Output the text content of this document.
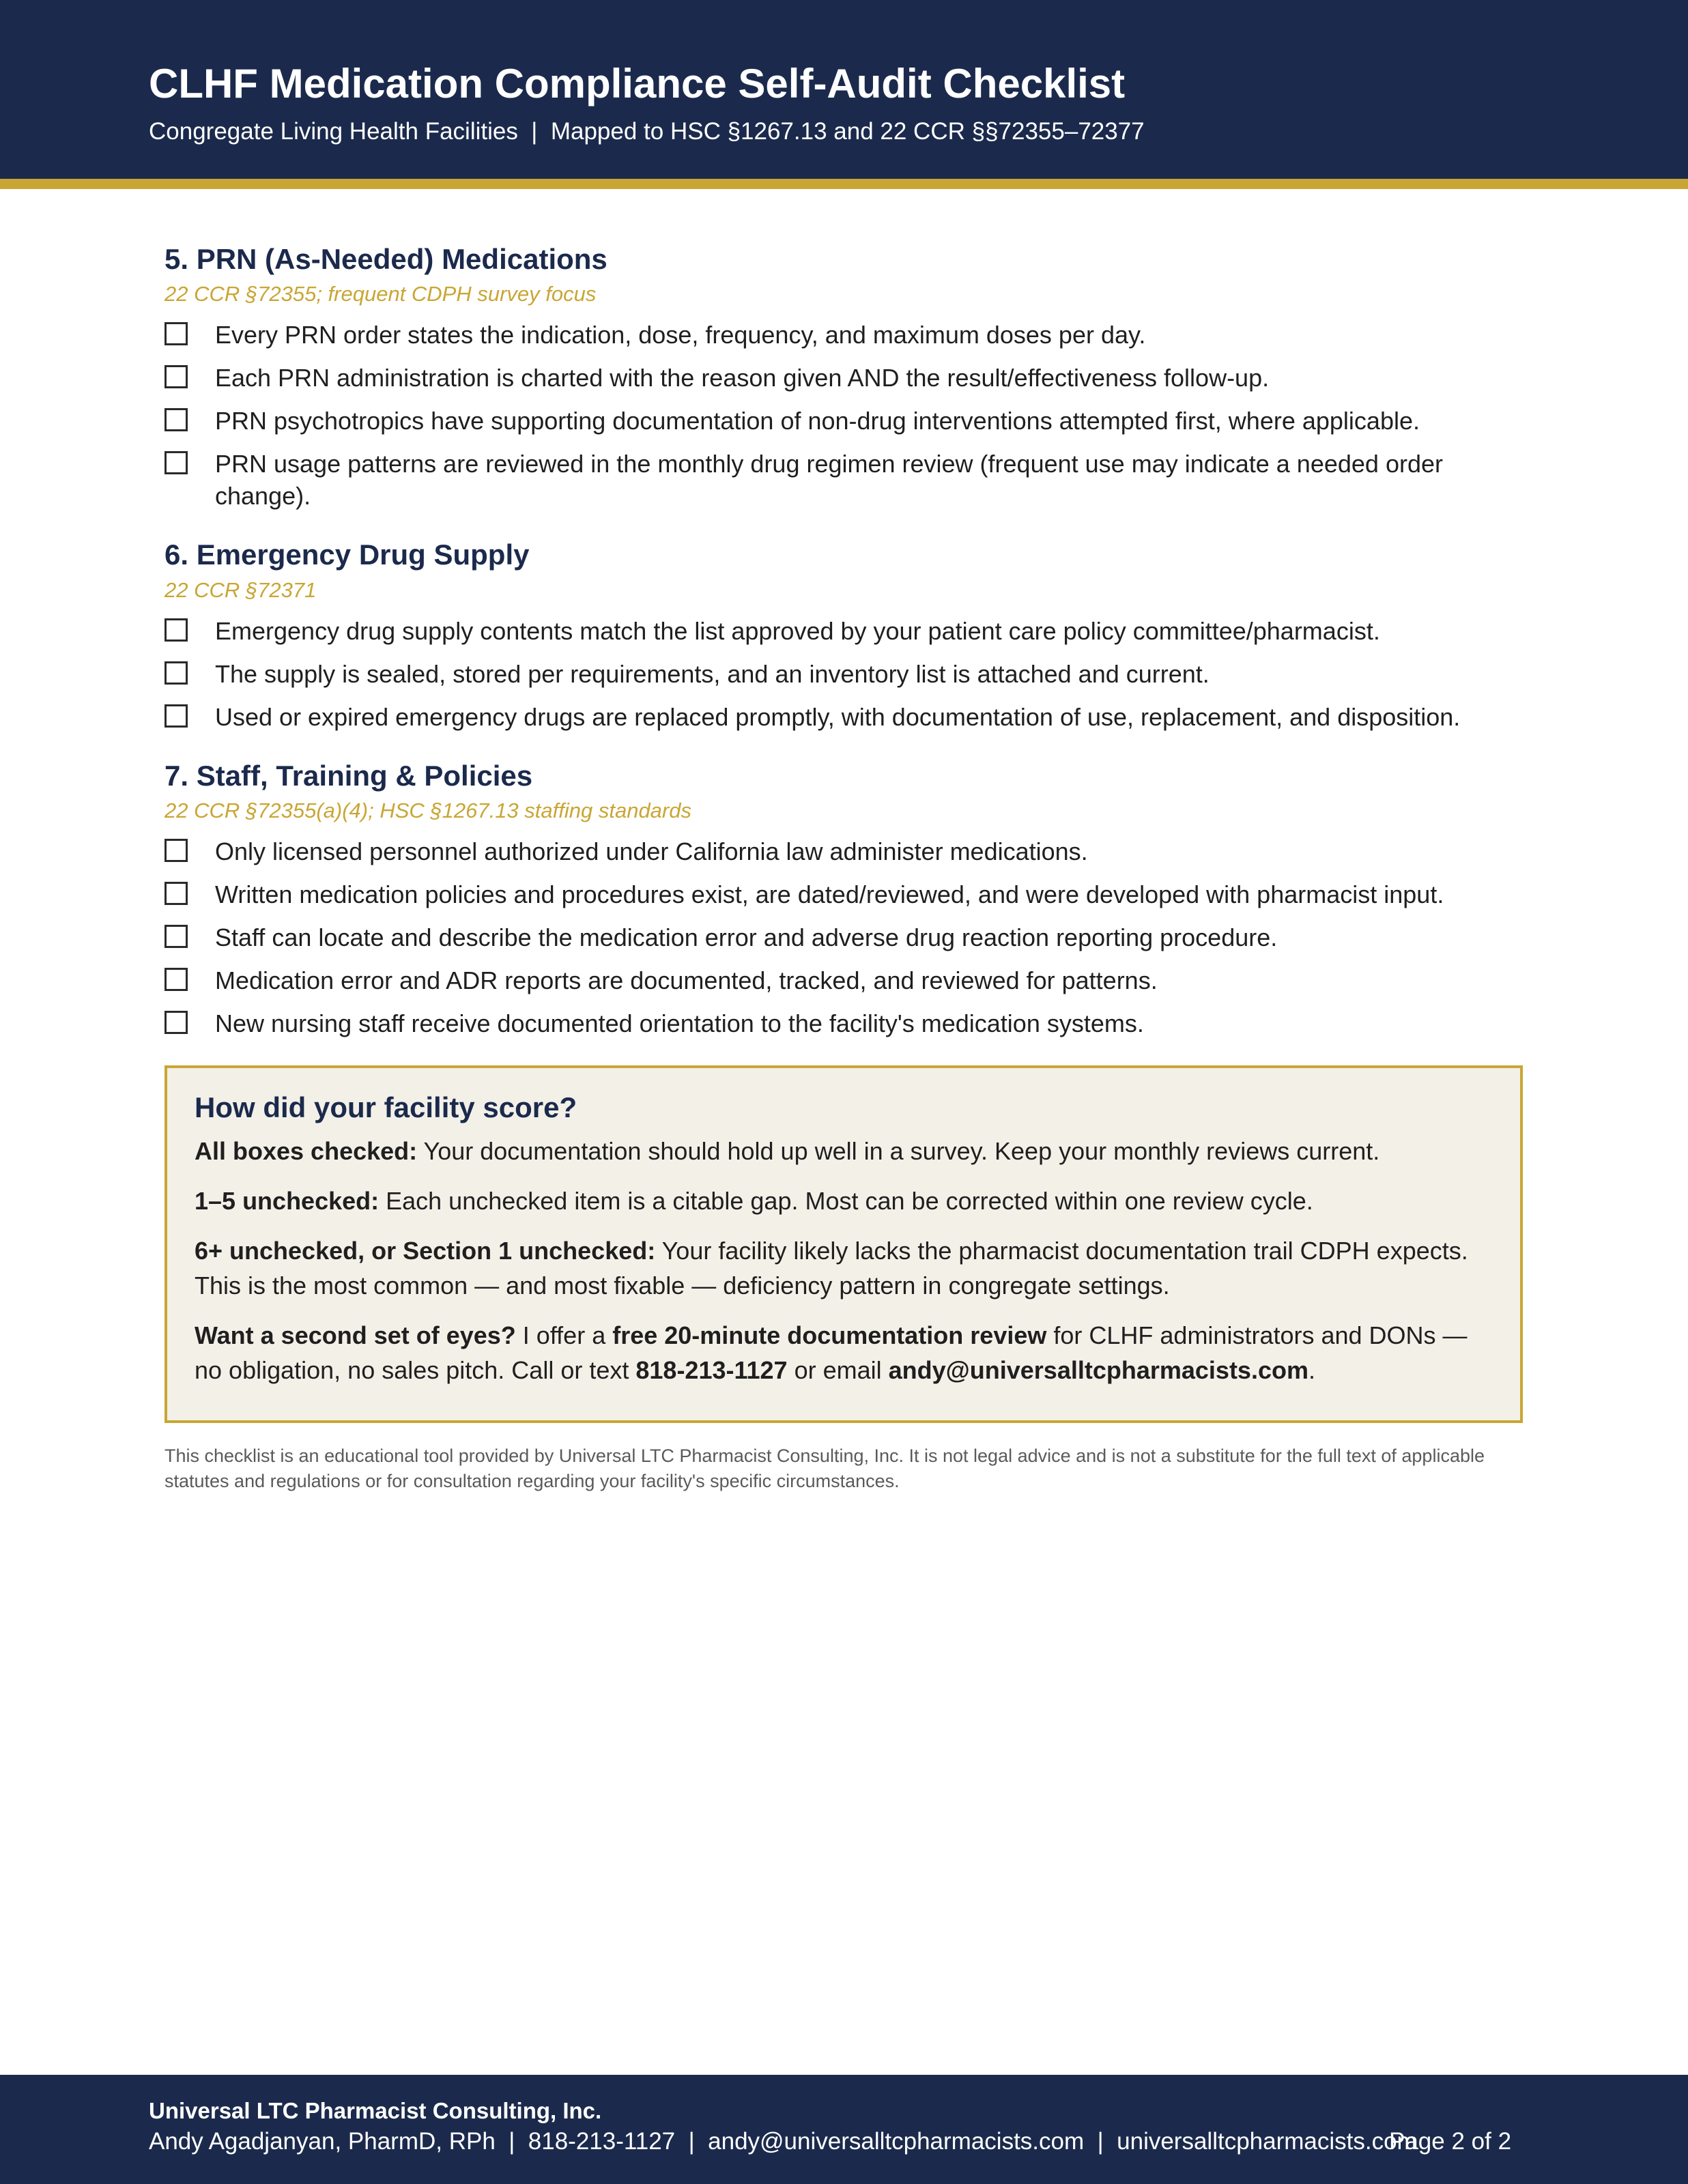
CLHF Medication Compliance Self-Audit Checklist
Congregate Living Health Facilities  |  Mapped to HSC §1267.13 and 22 CCR §§72355–72377
5. PRN (As-Needed) Medications
22 CCR §72355; frequent CDPH survey focus
Every PRN order states the indication, dose, frequency, and maximum doses per day.
Each PRN administration is charted with the reason given AND the result/effectiveness follow-up.
PRN psychotropics have supporting documentation of non-drug interventions attempted first, where applicable.
PRN usage patterns are reviewed in the monthly drug regimen review (frequent use may indicate a needed order change).
6. Emergency Drug Supply
22 CCR §72371
Emergency drug supply contents match the list approved by your patient care policy committee/pharmacist.
The supply is sealed, stored per requirements, and an inventory list is attached and current.
Used or expired emergency drugs are replaced promptly, with documentation of use, replacement, and disposition.
7. Staff, Training & Policies
22 CCR §72355(a)(4); HSC §1267.13 staffing standards
Only licensed personnel authorized under California law administer medications.
Written medication policies and procedures exist, are dated/reviewed, and were developed with pharmacist input.
Staff can locate and describe the medication error and adverse drug reaction reporting procedure.
Medication error and ADR reports are documented, tracked, and reviewed for patterns.
New nursing staff receive documented orientation to the facility's medication systems.
How did your facility score?

All boxes checked: Your documentation should hold up well in a survey. Keep your monthly reviews current.

1–5 unchecked: Each unchecked item is a citable gap. Most can be corrected within one review cycle.

6+ unchecked, or Section 1 unchecked: Your facility likely lacks the pharmacist documentation trail CDPH expects. This is the most common — and most fixable — deficiency pattern in congregate settings.

Want a second set of eyes? I offer a free 20-minute documentation review for CLHF administrators and DONs — no obligation, no sales pitch. Call or text 818-213-1127 or email andy@universalltcpharmacists.com.

This checklist is an educational tool provided by Universal LTC Pharmacist Consulting, Inc. It is not legal advice and is not a substitute for the full text of applicable statutes and regulations or for consultation regarding your facility's specific circumstances.
Universal LTC Pharmacist Consulting, Inc.
Andy Agadjanyan, PharmD, RPh  |  818-213-1127  |  andy@universalltcpharmacists.com  |  universalltcpharmacists.com
Page 2 of 2
